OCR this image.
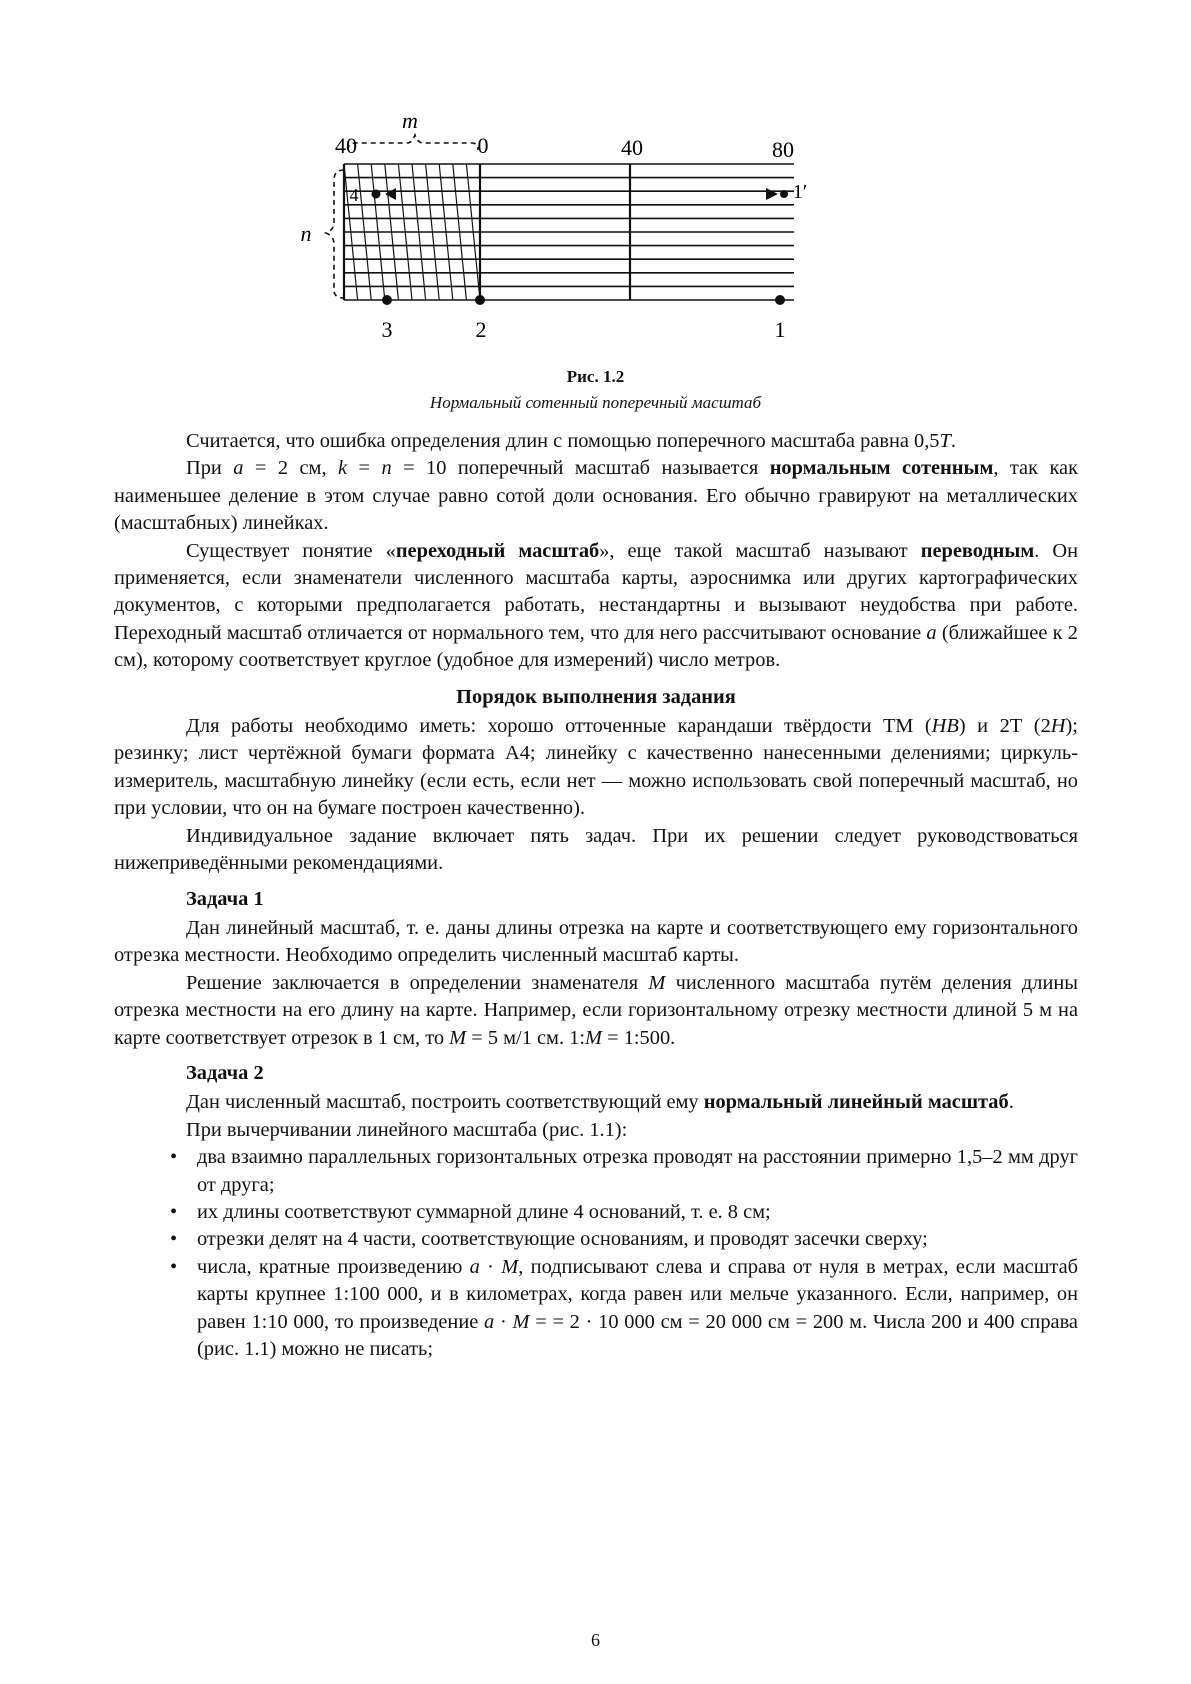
m
n
40	0	40	80
3	2	1
4	1′
Рис. 1.2
Нормальный сотенный поперечный масштаб

Считается, что ошибка определения длин с помощью поперечного масштаба равна 0,5T.

При a = 2 см, k = n = 10 поперечный масштаб называется нормальным сотенным, так как наименьшее деление в этом случае равно сотой доли основания. Его обычно гравируют на металлических (масштабных) линейках.

Существует понятие «переходный масштаб», еще такой масштаб называют переводным. Он применяется, если знаменатели численного масштаба карты, аэроснимка или других картографических документов, с которыми предполагается работать, нестандартны и вызывают неудобства при работе. Переходный масштаб отличается от нормального тем, что для него рассчитывают основание a (ближайшее к 2 см), которому соответствует круглое (удобное для измерений) число метров.

Порядок выполнения задания

Для работы необходимо иметь: хорошо отточенные карандаши твёрдости ТМ (HB) и 2Т (2H); резинку; лист чертёжной бумаги формата А4; линейку с качественно нанесенными делениями; циркуль-измеритель, масштабную линейку (если есть, если нет — можно использовать свой поперечный масштаб, но при условии, что он на бумаге построен качественно).

Индивидуальное задание включает пять задач. При их решении следует руководствоваться нижеприведёнными рекомендациями.

Задача 1

Дан линейный масштаб, т. е. даны длины отрезка на карте и соответствующего ему горизонтального отрезка местности. Необходимо определить численный масштаб карты.

Решение заключается в определении знаменателя M численного масштаба путём деления длины отрезка местности на его длину на карте. Например, если горизонтальному отрезку местности длиной 5 м на карте соответствует отрезок в 1 см, то M = 5 м/1 см. 1:M = 1:500.

Задача 2

Дан численный масштаб, построить соответствующий ему нормальный линейный масштаб.

При вычерчивании линейного масштаба (рис. 1.1):

• два взаимно параллельных горизонтальных отрезка проводят на расстоянии примерно 1,5–2 мм друг от друга;
• их длины соответствуют суммарной длине 4 оснований, т. е. 8 см;
• отрезки делят на 4 части, соответствующие основаниям, и проводят засечки сверху;
• числа, кратные произведению a · M, подписывают слева и справа от нуля в метрах, если масштаб карты крупнее 1:100 000, и в километрах, когда равен или мельче указанного. Если, например, он равен 1:10 000, то произведение a · M = = 2 · 10 000 см = 20 000 см = 200 м. Числа 200 и 400 справа (рис. 1.1) можно не писать;
6
